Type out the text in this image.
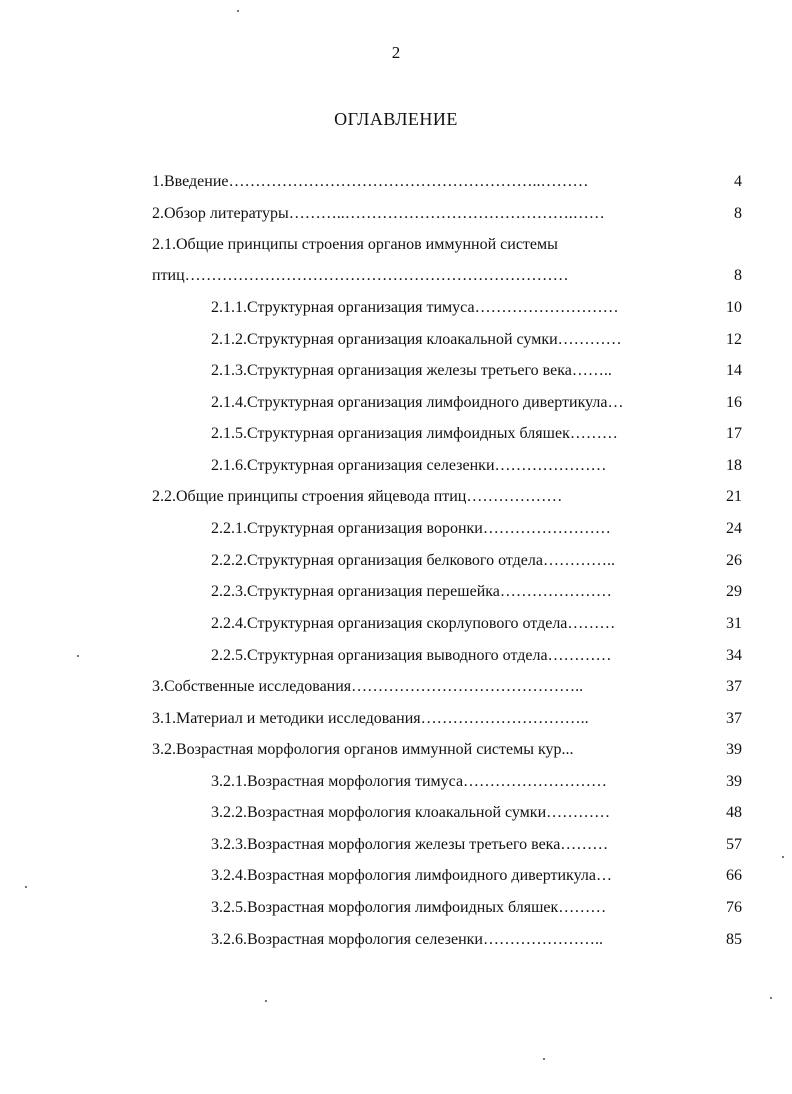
2
ОГЛАВЛЕНИЕ
1.Введение…………………………………………………..………	4
2.Обзор литературы………..…………………………………….……	8
2.1.Общие принципы строения органов иммунной системы
птиц………………………………………………………………	8
2.1.1.Структурная организация тимуса………………………	10
2.1.2.Структурная организация клоакальной сумки…………	12
2.1.3.Структурная организация железы третьего века……..	14
2.1.4.Структурная организация лимфоидного дивертикула…	16
2.1.5.Структурная организация лимфоидных бляшек………	17
2.1.6.Структурная организация селезенки…………………	18
2.2.Общие принципы строения яйцевода птиц………………	21
2.2.1.Структурная организация воронки……………………	24
2.2.2.Структурная организация белкового отдела…………..	26
2.2.3.Структурная организация перешейка…………………	29
2.2.4.Структурная организация скорлупового отдела………	31
2.2.5.Структурная организация выводного отдела…………	34
3.Собственные исследования……………………………………..	37
3.1.Материал и методики исследования…………………………..	37
3.2.Возрастная морфология органов иммунной системы кур...	39
3.2.1.Возрастная морфология тимуса………………………	39
3.2.2.Возрастная морфология клоакальной сумки…………	48
3.2.3.Возрастная морфология железы третьего века………	57
3.2.4.Возрастная морфология лимфоидного дивертикула…	66
3.2.5.Возрастная морфология лимфоидных бляшек………	76
3.2.6.Возрастная морфология селезенки…………………..	85
